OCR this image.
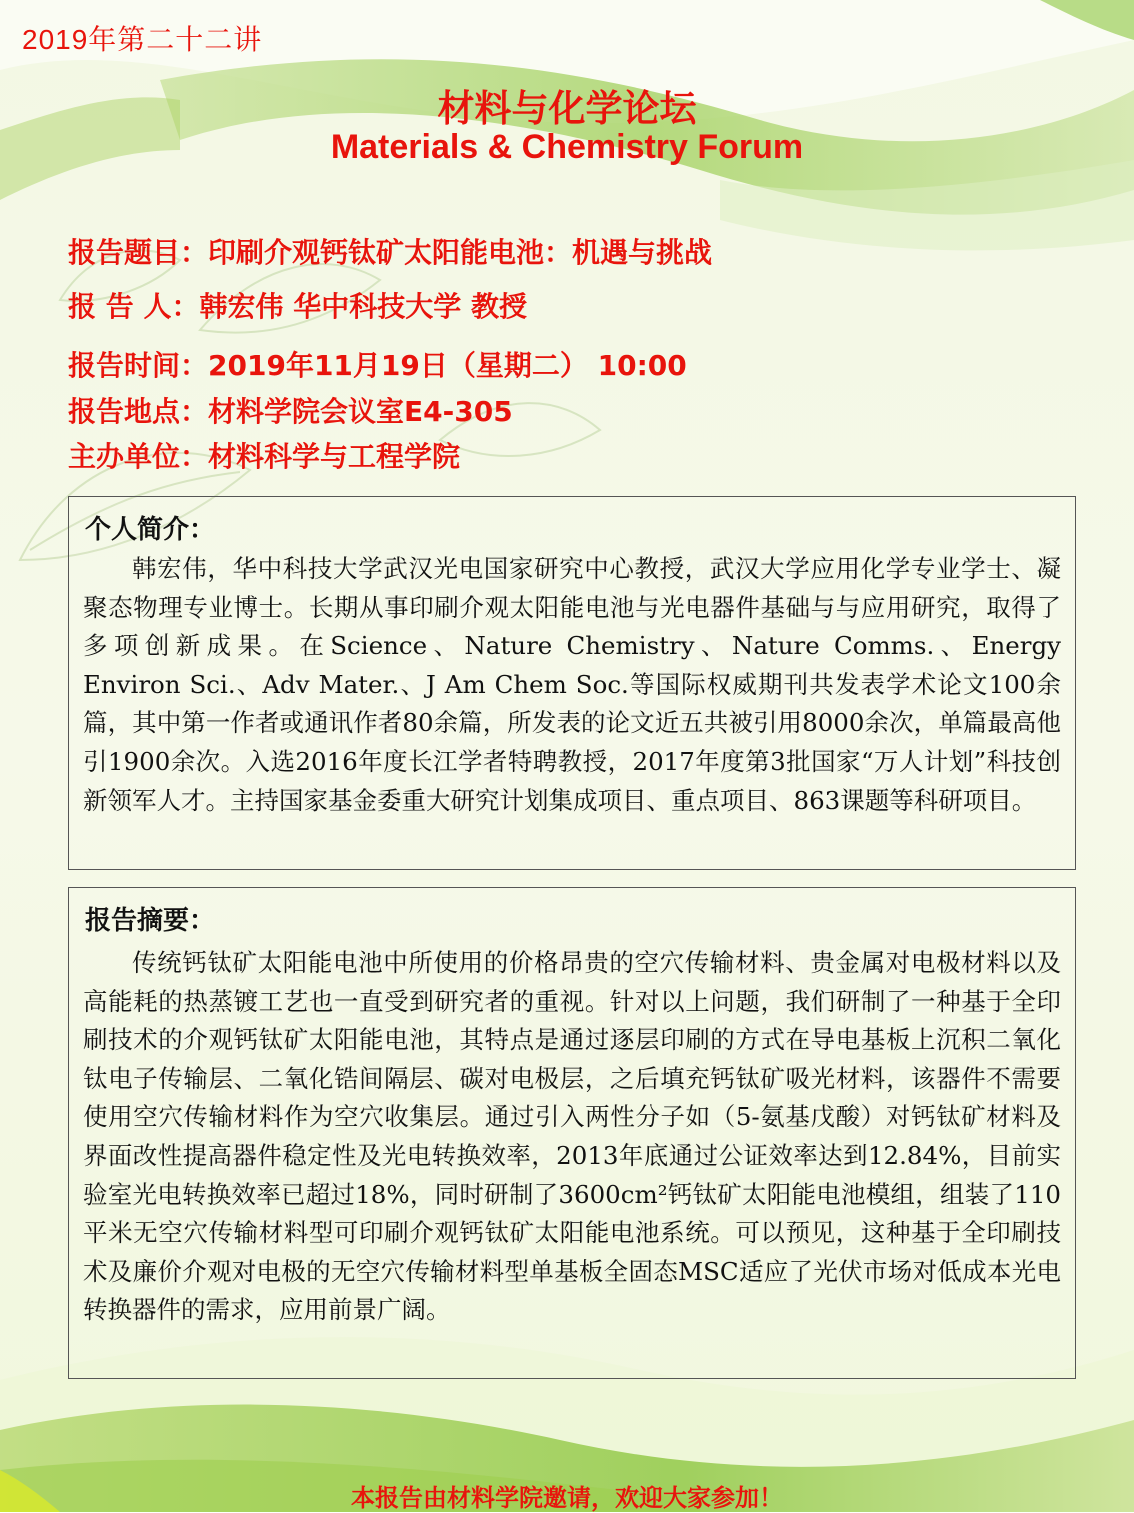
2019年第二十二讲
材料与化学论坛
Materials & Chemistry Forum
报告题目：印刷介观钙钛矿太阳能电池：机遇与挑战
报 告 人：韩宏伟 华中科技大学 教授
报告时间：2019年11月19日（星期二） 10:00
报告地点：材料学院会议室E4-305
主办单位：材料科学与工程学院
个人简介：
韩宏伟，华中科技大学武汉光电国家研究中心教授，武汉大学应用化学专业学士、凝聚态物理专业博士。长期从事印刷介观太阳能电池与光电器件基础与与应用研究，取得了多项创新成果。在Science、Nature Chemistry、Nature Comms.、Energy Environ Sci.、Adv Mater.、J Am Chem Soc.等国际权威期刊共发表学术论文100余篇，其中第一作者或通讯作者80余篇，所发表的论文近五共被引用8000余次，单篇最高他引1900余次。入选2016年度长江学者特聘教授，2017年度第3批国家“万人计划”科技创新领军人才。主持国家基金委重大研究计划集成项目、重点项目、863课题等科研项目。
报告摘要：
传统钙钛矿太阳能电池中所使用的价格昂贵的空穴传输材料、贵金属对电极材料以及高能耗的热蒸镀工艺也一直受到研究者的重视。针对以上问题，我们研制了一种基于全印刷技术的介观钙钛矿太阳能电池，其特点是通过逐层印刷的方式在导电基板上沉积二氧化钛电子传输层、二氧化锆间隔层、碳对电极层，之后填充钙钛矿吸光材料，该器件不需要使用空穴传输材料作为空穴收集层。通过引入两性分子如（5-氨基戊酸）对钙钛矿材料及界面改性提高器件稳定性及光电转换效率，2013年底通过公证效率达到12.84%，目前实验室光电转换效率已超过18%，同时研制了3600cm²钙钛矿太阳能电池模组，组装了110平米无空穴传输材料型可印刷介观钙钛矿太阳能电池系统。可以预见，这种基于全印刷技术及廉价介观对电极的无空穴传输材料型单基板全固态MSC适应了光伏市场对低成本光电转换器件的需求，应用前景广阔。
本报告由材料学院邀请，欢迎大家参加！
